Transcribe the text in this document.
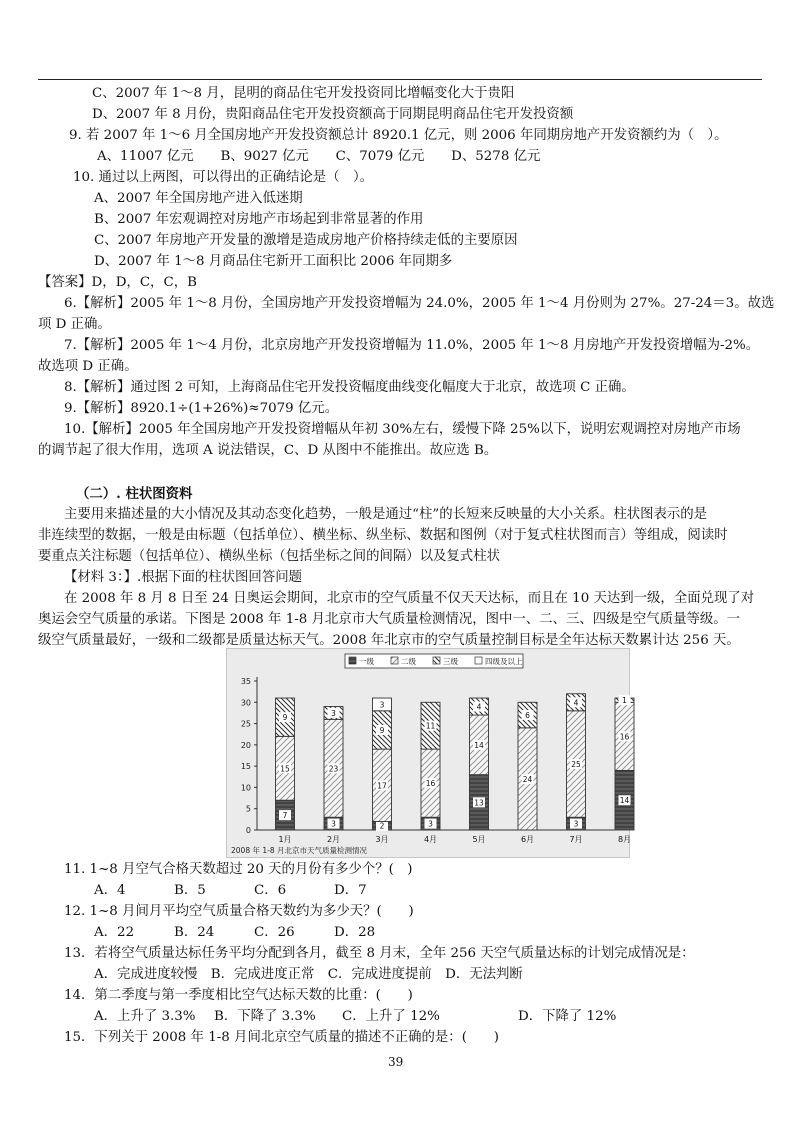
C、2007 年 1～8 月，昆明的商品住宅开发投资同比增幅变化大于贵阳
D、2007 年 8 月份，贵阳商品住宅开发投资额高于同期昆明商品住宅开发投资额
9. 若 2007 年 1～6 月全国房地产开发投资额总计 8920.1 亿元，则 2006 年同期房地产开发资额约为（　）。
A、11007 亿元　　B、9027 亿元　　C、7079 亿元　　D、5278 亿元
10. 通过以上两图，可以得出的正确结论是（　）。
A、2007 年全国房地产进入低迷期
B、2007 年宏观调控对房地产市场起到非常显著的作用
C、2007 年房地产开发量的激增是造成房地产价格持续走低的主要原因
D、2007 年 1～8 月商品住宅新开工面积比 2006 年同期多
【答案】D，D，C，C，B
6.【解析】2005 年 1～8 月份，全国房地产开发投资增幅为 24.0%，2005 年 1～4 月份则为 27%。27-24＝3。故选
项 D 正确。
7.【解析】2005 年 1～4 月份，北京房地产开发投资增幅为 11.0%，2005 年 1～8 月房地产开发投资增幅为-2%。
故选项 D 正确。
8.【解析】通过图 2 可知，上海商品住宅开发投资幅度曲线变化幅度大于北京，故选项 C 正确。
9.【解析】8920.1÷(1+26%)≈7079 亿元。
10.【解析】2005 年全国房地产开发投资增幅从年初 30%左右，缓慢下降 25%以下，说明宏观调控对房地产市场
的调节起了很大作用，选项 A 说法错误，C、D 从图中不能推出。故应选 B。
（二）. 柱状图资料
主要用来描述量的大小情况及其动态变化趋势，一般是通过“柱”的长短来反映量的大小关系。柱状图表示的是
非连续型的数据，一般是由标题（包括单位）、横坐标、纵坐标、数据和图例（对于复式柱状图而言）等组成，阅读时
要重点关注标题（包括单位）、横纵坐标（包括坐标之间的间隔）以及复式柱状
【材料 3：】.根据下面的柱状图回答问题
在 2008 年 8 月 8 日至 24 日奥运会期间，北京市的空气质量不仅天天达标，而且在 10 天达到一级，全面兑现了对
奥运会空气质量的承诺。下图是 2008 年 1-8 月北京市大气质量检测情况，图中一、二、三、四级是空气质量等级。一
级空气质量最好，一级和二级都是质量达标天气。2008 年北京市的空气质量控制目标是全年达标天数累计达 256 天。
0
5
10
15
20
25
30
35
7
15
9
1月
3
23
3
2月
2
17
9
3
3月
3
16
11
4月
13
14
4
5月
24
6
6月
3
25
4
7月
14
16
1
8月
一级	二级	三级	四级及以上
2008 年 1-8 月北京市天气质量检测情况
11. 1~8 月空气合格天数超过 20 天的月份有多少个？(　)
A．4	B．5	C．6	D．7
12. 1~8 月间月平均空气质量合格天数约为多少天？(　　)
A．22	B．24	C．26	D．28
13．若将空气质量达标任务平均分配到各月，截至 8 月末，全年 256 天空气质量达标的计划完成情况是：
A．完成进度较慢　B．完成进度正常　C．完成进度提前　D．无法判断
14．第二季度与第一季度相比空气达标天数的比重：(　　)
A．上升了 3.3% B．下降了 3.3% C．上升了 12%	D．下降了 12%
15．下列关于 2008 年 1-8 月间北京空气质量的描述不正确的是：(　　)
39
